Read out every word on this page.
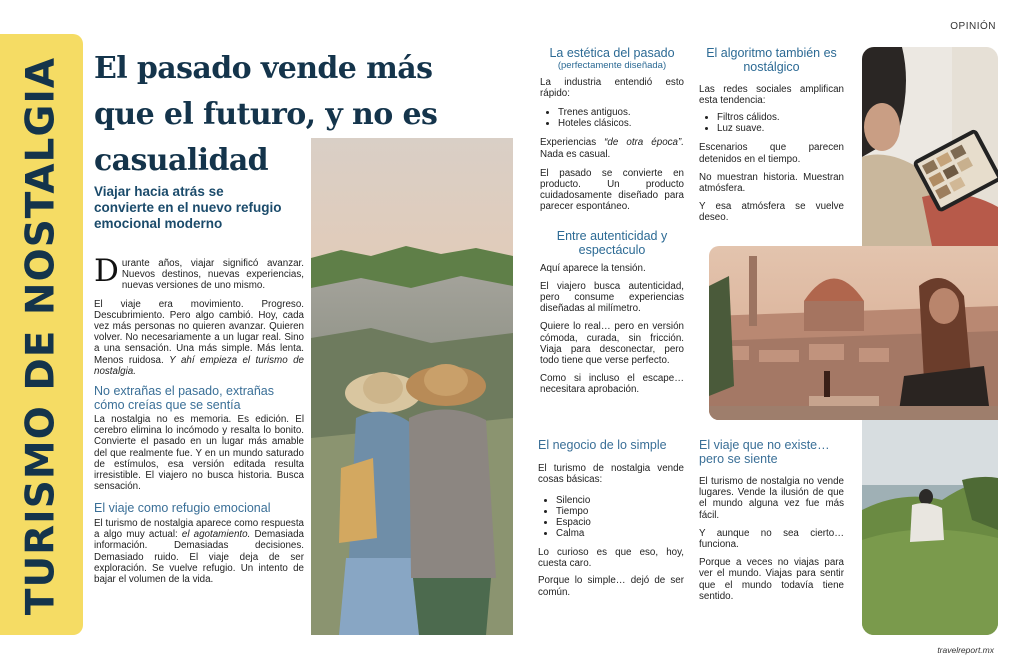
OPINIÓN
TURISMO DE NOSTALGIA El pasado vende más que el futuro, y no es casualidad
Viajar hacia atrás se convierte en el nuevo refugio emocional moderno

Durante años, viajar significó avanzar. Nuevos destinos, nuevas experiencias, nuevas versiones de uno mismo.

El viaje era movimiento. Progreso. Descubrimiento. Pero algo cambió. Hoy, cada vez más personas no quieren avanzar. Quieren volver. No necesariamente a un lugar real. Sino a una sensación. Una más simple. Más lenta. Menos ruidosa. Y ahí empieza el turismo de nostalgia.

No extrañas el pasado, extrañas cómo creías que se sentía

La nostalgia no es memoria. Es edición. El cerebro elimina lo incómodo y resalta lo bonito. Convierte el pasado en un lugar más amable del que realmente fue. Y en un mundo saturado de estímulos, esa versión editada resulta irresistible. El viajero no busca historia. Busca sensación.

El viaje como refugio emocional

El turismo de nostalgia aparece como respuesta a algo muy actual: el agotamiento. Demasiada información. Demasiadas decisiones. Demasiado ruido. El viaje deja de ser exploración. Se vuelve refugio. Un intento de bajar el volumen de la vida.

La estética del pasado
(perfectamente diseñada)

La industria entendió esto rápido:

• Trenes antiguos.
• Hoteles clásicos.

Experiencias “de otra época”. Nada es casual.

El pasado se convierte en producto. Un producto cuidadosamente diseñado para parecer espontáneo.

Entre autenticidad y espectáculo

Aquí aparece la tensión.

El viajero busca autenticidad, pero consume experiencias diseñadas al milímetro.

Quiere lo real… pero en versión cómoda, curada, sin fricción. Viaja para desconectar, pero todo tiene que verse perfecto.

Como si incluso el escape… necesitara aprobación.

El negocio de lo simple

El turismo de nostalgia vende cosas básicas:

• Silencio
• Tiempo
• Espacio
• Calma

Lo curioso es que eso, hoy, cuesta caro.

Porque lo simple… dejó de ser común.

El algoritmo también es nostálgico

Las redes sociales amplifican esta tendencia:

• Filtros cálidos.
• Luz suave.

Escenarios que parecen detenidos en el tiempo.

No muestran historia. Muestran atmósfera.

Y esa atmósfera se vuelve deseo.

El viaje que no existe… pero se siente

El turismo de nostalgia no vende lugares. Vende la ilusión de que el mundo alguna vez fue más fácil.

Y aunque no sea cierto… funciona.

Porque a veces no viajas para ver el mundo. Viajas para sentir que el mundo todavía tiene sentido.

travelreport.mx
